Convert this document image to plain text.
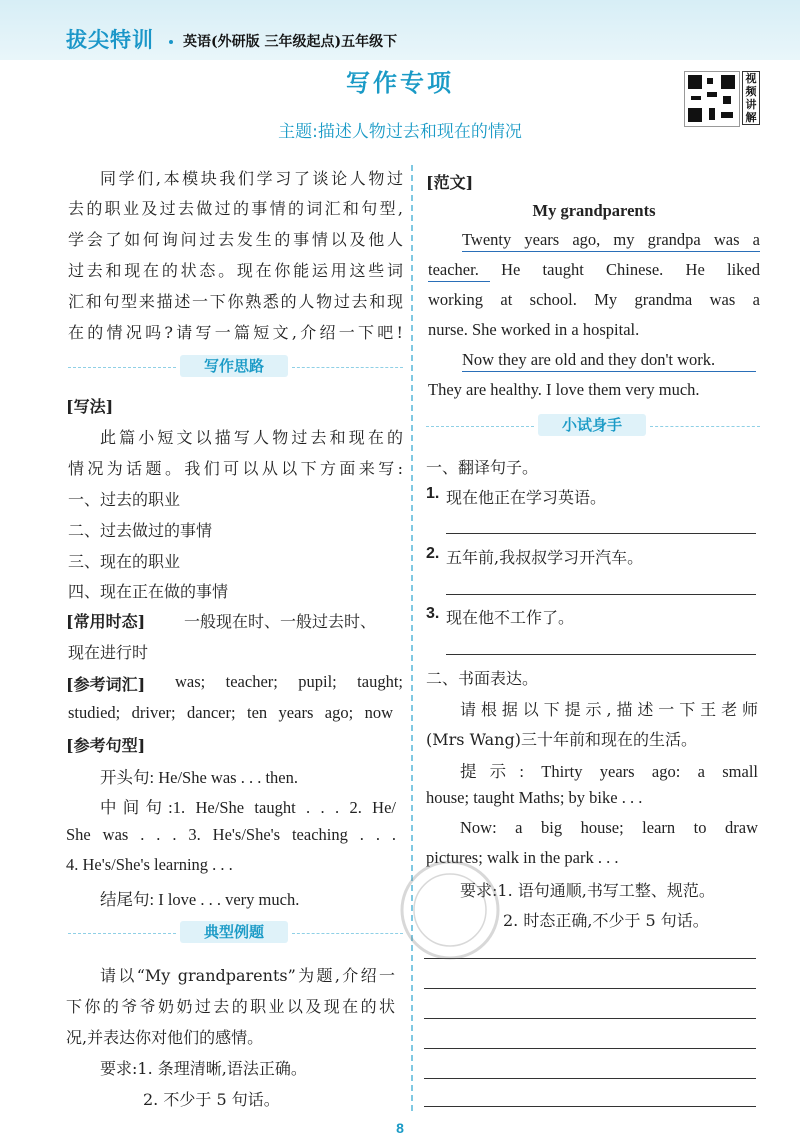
拔尖特训 英语(外研版 三年级起点)五年级下
写作专项
主题:描述人物过去和现在的情况
视
频
讲
解
同学们,本模块我们学习了谈论人物过
去的职业及过去做过的事情的词汇和句型,
学会了如何询问过去发生的事情以及他人
过去和现在的状态。现在你能运用这些词
汇和句型来描述一下你熟悉的人物过去和现
在的情况吗?请写一篇短文,介绍一下吧!
写作思路
[写法]
此篇小短文以描写人物过去和现在的
情况为话题。我们可以从以下方面来写:
一、过去的职业
二、过去做过的事情
三、现在的职业
四、现在正在做的事情
[常用时态] 一般现在时、一般过去时、
现在进行时
[参考词汇] was; teacher; pupil; taught;
studied; driver; dancer; ten years ago; now
[参考句型]
开头句: He/She was . . . then.
中间句:1. He/She taught . . . 2. He/
She was . . . 3. He's/She's teaching . . .
4. He's/She's learning . . .
结尾句: I love . . . very much.
典型例题
请以“My grandparents”为题,介绍一
下你的爷爷奶奶过去的职业以及现在的状
况,并表达你对他们的感情。
要求:1. 条理清晰,语法正确。
2. 不少于 5 句话。
[范文]
My grandparents
Twenty years ago, my grandpa was a
teacher. He taught Chinese. He liked
working at school. My grandma was a
nurse. She worked in a hospital.
Now they are old and they don't work.
They are healthy. I love them very much.
小试身手
一、翻译句子。
1. 现在他正在学习英语。
2. 五年前,我叔叔学习开汽车。
3. 现在他不工作了。
二、书面表达。
请根据以下提示,描述一下王老师
(Mrs Wang)三十年前和现在的生活。
提示: Thirty years ago: a small
house; taught Maths; by bike . . .
Now: a big house; learn to draw
pictures; walk in the park . . .
要求:1. 语句通顺,书写工整、规范。
2. 时态正确,不少于 5 句话。
8
